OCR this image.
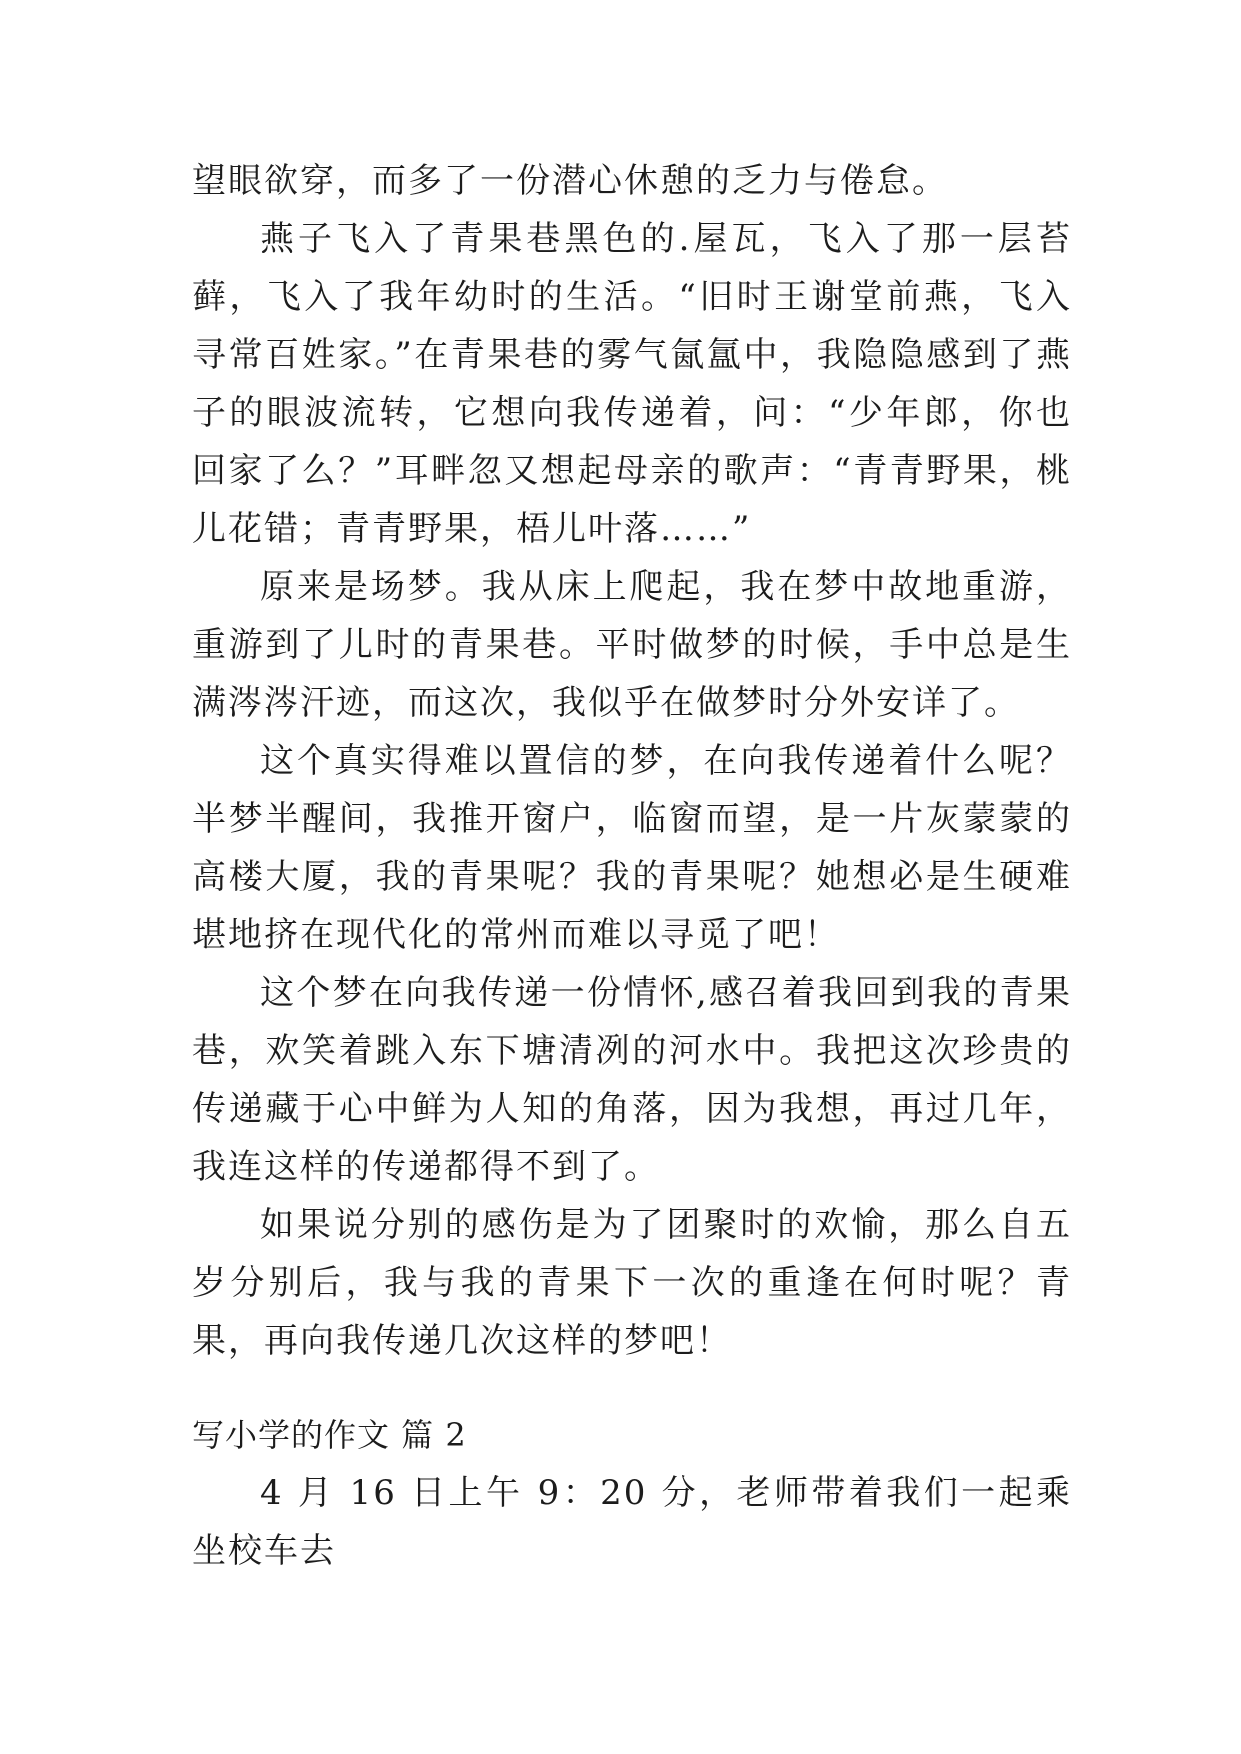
望眼欲穿，而多了一份潜心休憩的乏力与倦怠。

燕子飞入了青果巷黑色的.屋瓦，飞入了那一层苔藓，飞入了我年幼时的生活。“旧时王谢堂前燕，飞入寻常百姓家。”在青果巷的雾气氤氲中，我隐隐感到了燕子的眼波流转，它想向我传递着，问：“少年郎，你也回家了么？”耳畔忽又想起母亲的歌声：“青青野果，桃儿花错；青青野果，梧儿叶落……”

原来是场梦。我从床上爬起，我在梦中故地重游，重游到了儿时的青果巷。平时做梦的时候，手中总是生满涔涔汗迹，而这次，我似乎在做梦时分外安详了。

这个真实得难以置信的梦，在向我传递着什么呢？半梦半醒间，我推开窗户，临窗而望，是一片灰蒙蒙的高楼大厦，我的青果呢？我的青果呢？她想必是生硬难堪地挤在现代化的常州而难以寻觅了吧！

这个梦在向我传递一份情怀,感召着我回到我的青果巷，欢笑着跳入东下塘清冽的河水中。我把这次珍贵的传递藏于心中鲜为人知的角落，因为我想，再过几年，我连这样的传递都得不到了。

如果说分别的感伤是为了团聚时的欢愉，那么自五岁分别后，我与我的青果下一次的重逢在何时呢？青果，再向我传递几次这样的梦吧！

写小学的作文 篇 2

4 月 16 日上午 9：20 分，老师带着我们一起乘坐校车去
